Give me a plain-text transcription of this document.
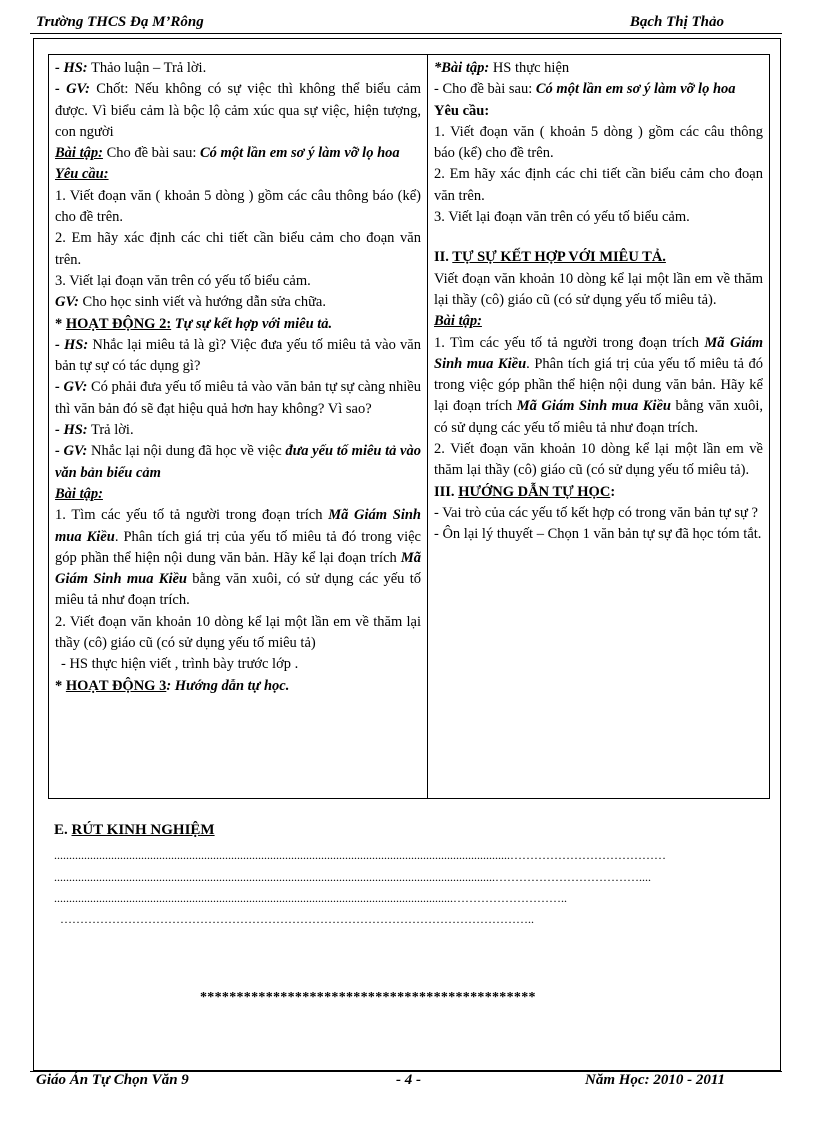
Trường THCS Đạ M’Rông	Bạch Thị Thảo

- HS: Thảo luận – Trả lời.

- GV: Chốt: Nếu không có sự việc thì không thể biểu cảm được. Vì biểu cảm là bộc lộ cảm xúc qua sự việc, hiện tượng, con người

Bài tập: Cho đề bài sau: Có một lần em sơ ý làm vỡ lọ hoa

Yêu cầu:

1. Viết đoạn văn ( khoản 5 dòng ) gồm các câu thông báo (kể) cho đề trên.

2. Em hãy xác định các chi tiết cần biểu cảm cho đoạn văn trên.

3. Viết lại đoạn văn trên có yếu tố biểu cảm.

GV: Cho học sinh viết và hướng dẫn sửa chữa.

* HOẠT ĐỘNG 2: Tự sự kết hợp với miêu tả.

- HS: Nhắc lại miêu tả là gì? Việc đưa yếu tố miêu tả vào văn bản tự sự có tác dụng gì?

- GV: Có phải đưa yếu tố miêu tả vào văn bản tự sự càng nhiều thì văn bản đó sẽ đạt hiệu quả hơn hay không? Vì sao?

- HS: Trả lời.

- GV: Nhắc lại nội dung đã học về việc đưa yếu tố miêu tả vào văn bản biểu cảm

Bài tập:

1. Tìm các yếu tố tả người trong đoạn trích Mã Giám Sinh mua Kiều. Phân tích giá trị của yếu tố miêu tả đó trong việc góp phần thể hiện nội dung văn bản. Hãy kể lại đoạn trích Mã Giám Sinh mua Kiều bằng văn xuôi, có sử dụng các yếu tố miêu tả như đoạn trích.

2. Viết đoạn văn khoản 10 dòng kể lại một lần em về thăm lại thầy (cô) giáo cũ (có sử dụng yếu tố miêu tả)

- HS thực hiện viết , trình bày trước lớp .

* HOẠT ĐỘNG 3: Hướng dẫn tự học.

*Bài tập: HS thực hiện

- Cho đề bài sau: Có một lần em sơ ý làm vỡ lọ hoa

Yêu cầu:

1. Viết đoạn văn ( khoản 5 dòng ) gồm các câu thông báo (kể) cho đề trên.

2. Em hãy xác định các chi tiết cần biểu cảm cho đoạn văn trên.

3. Viết lại đoạn văn trên có yếu tố biểu cảm.

II. TỰ SỰ KẾT HỢP VỚI MIÊU TẢ.

Viết đoạn văn khoản 10 dòng kể lại một lần em về thăm lại thầy (cô) giáo cũ (có sử dụng yếu tố miêu tả).

Bài tập:

1. Tìm các yếu tố tả người trong đoạn trích Mã Giám Sinh mua Kiều. Phân tích giá trị của yếu tố miêu tả đó trong việc góp phần thể hiện nội dung văn bản. Hãy kể lại đoạn trích Mã Giám Sinh mua Kiều bằng văn xuôi, có sử dụng các yếu tố miêu tả như đoạn trích.

2. Viết đoạn văn khoản 10 dòng kể lại một lần em về thăm lại thầy (cô) giáo cũ (có sử dụng yếu tố miêu tả).

III. HƯỚNG DẪN TỰ HỌC:

- Vai trò của các yếu tố kết hợp có trong văn bản tự sự ?

- Ôn lại lý thuyết – Chọn 1 văn bản tự sự đã học tóm tắt.

E. RÚT KINH NGHIỆM
........................................................................................................................................................…………………………………
...................................................................................................................................................………………………………....
.....................................................................................................................................………………………..
………………………………………………………………………………………………………..
**********************************************
Giáo Án Tự Chọn Văn 9	- 4 -	Năm Học: 2010 - 2011
